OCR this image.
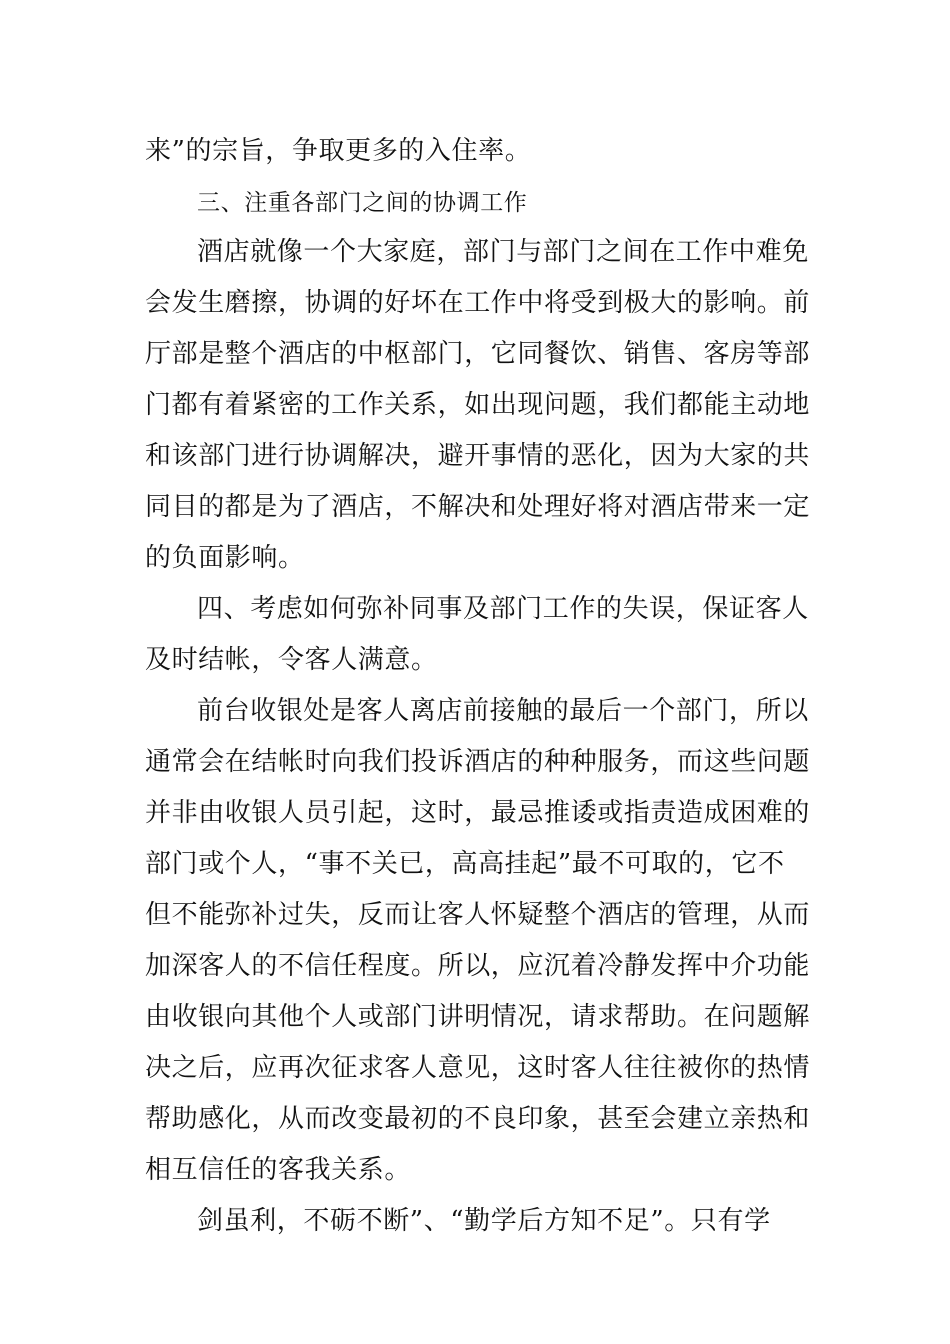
来”的宗旨，争取更多的入住率。
三、注重各部门之间的协调工作
酒店就像一个大家庭，部门与部门之间在工作中难免
会发生磨擦，协调的好坏在工作中将受到极大的影响。前
厅部是整个酒店的中枢部门，它同餐饮、销售、客房等部
门都有着紧密的工作关系，如出现问题，我们都能主动地
和该部门进行协调解决，避开事情的恶化，因为大家的共
同目的都是为了酒店，不解决和处理好将对酒店带来一定
的负面影响。
四、考虑如何弥补同事及部门工作的失误，保证客人
及时结帐，令客人满意。
前台收银处是客人离店前接触的最后一个部门，所以
通常会在结帐时向我们投诉酒店的种种服务，而这些问题
并非由收银人员引起，这时，最忌推诿或指责造成困难的
部门或个人，“事不关已，高高挂起”最不可取的，它不
但不能弥补过失，反而让客人怀疑整个酒店的管理，从而
加深客人的不信任程度。所以，应沉着冷静发挥中介功能
由收银向其他个人或部门讲明情况，请求帮助。在问题解
决之后，应再次征求客人意见，这时客人往往被你的热情
帮助感化，从而改变最初的不良印象，甚至会建立亲热和
相互信任的客我关系。
剑虽利，不砺不断”、“勤学后方知不足”。只有学
